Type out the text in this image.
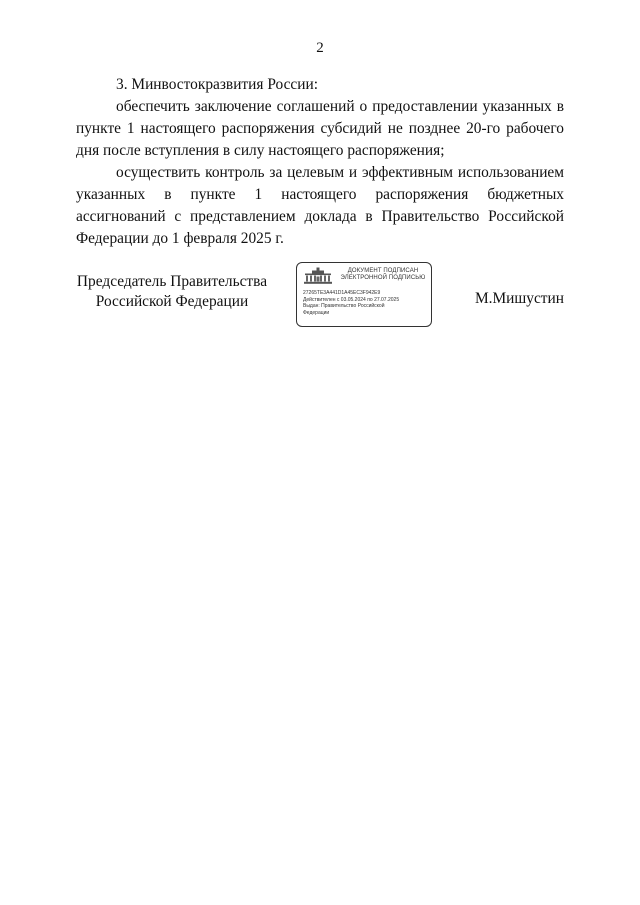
2

3. Минвостокразвития России:

обеспечить заключение соглашений о предоставлении указанных в пункте 1 настоящего распоряжения субсидий не позднее 20-го рабочего дня после вступления в силу настоящего распоряжения;

осуществить контроль за целевым и эффективным использованием указанных в пункте 1 настоящего распоряжения бюджетных ассигнований с представлением доклада в Правительство Российской Федерации до 1 февраля 2025 г.

Председатель Правительства
Российской Федерации
ДОКУМЕНТ ПОДПИСАН
ЭЛЕКТРОННОЙ ПОДПИСЬЮ
27265TE3A441D1A45EC3F942E9
Действителен с 03.05.2024 по 27.07.2025
Выдан: Правительство Российской
Федерации
М.Мишустин
